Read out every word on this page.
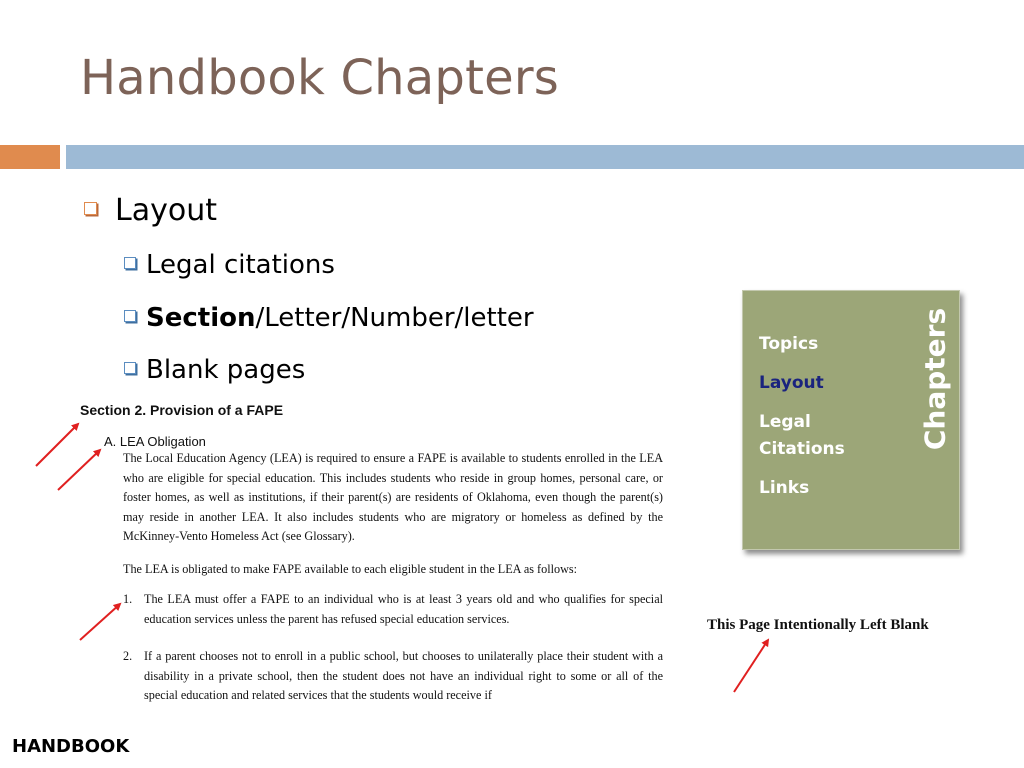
Handbook Chapters
Layout
Legal citations
Section/Letter/Number/letter
Blank pages
Section 2. Provision of a FAPE
A. LEA Obligation
The Local Education Agency (LEA) is required to ensure a FAPE is available to students enrolled in the LEA who are eligible for special education. This includes students who reside in group homes, personal care, or foster homes, as well as institutions, if their parent(s) are residents of Oklahoma, even though the parent(s) may reside in another LEA. It also includes students who are migratory or homeless as defined by the McKinney-Vento Homeless Act (see Glossary).
The LEA is obligated to make FAPE available to each eligible student in the LEA as follows:
1. The LEA must offer a FAPE to an individual who is at least 3 years old and who qualifies for special education services unless the parent has refused special education services.
2. If a parent chooses not to enroll in a public school, but chooses to unilaterally place their student with a disability in a private school, then the student does not have an individual right to some or all of the special education and related services that the students would receive if
This Page Intentionally Left Blank
Topics
Layout
Legal Citations
Links
Chapters
HANDBOOK
